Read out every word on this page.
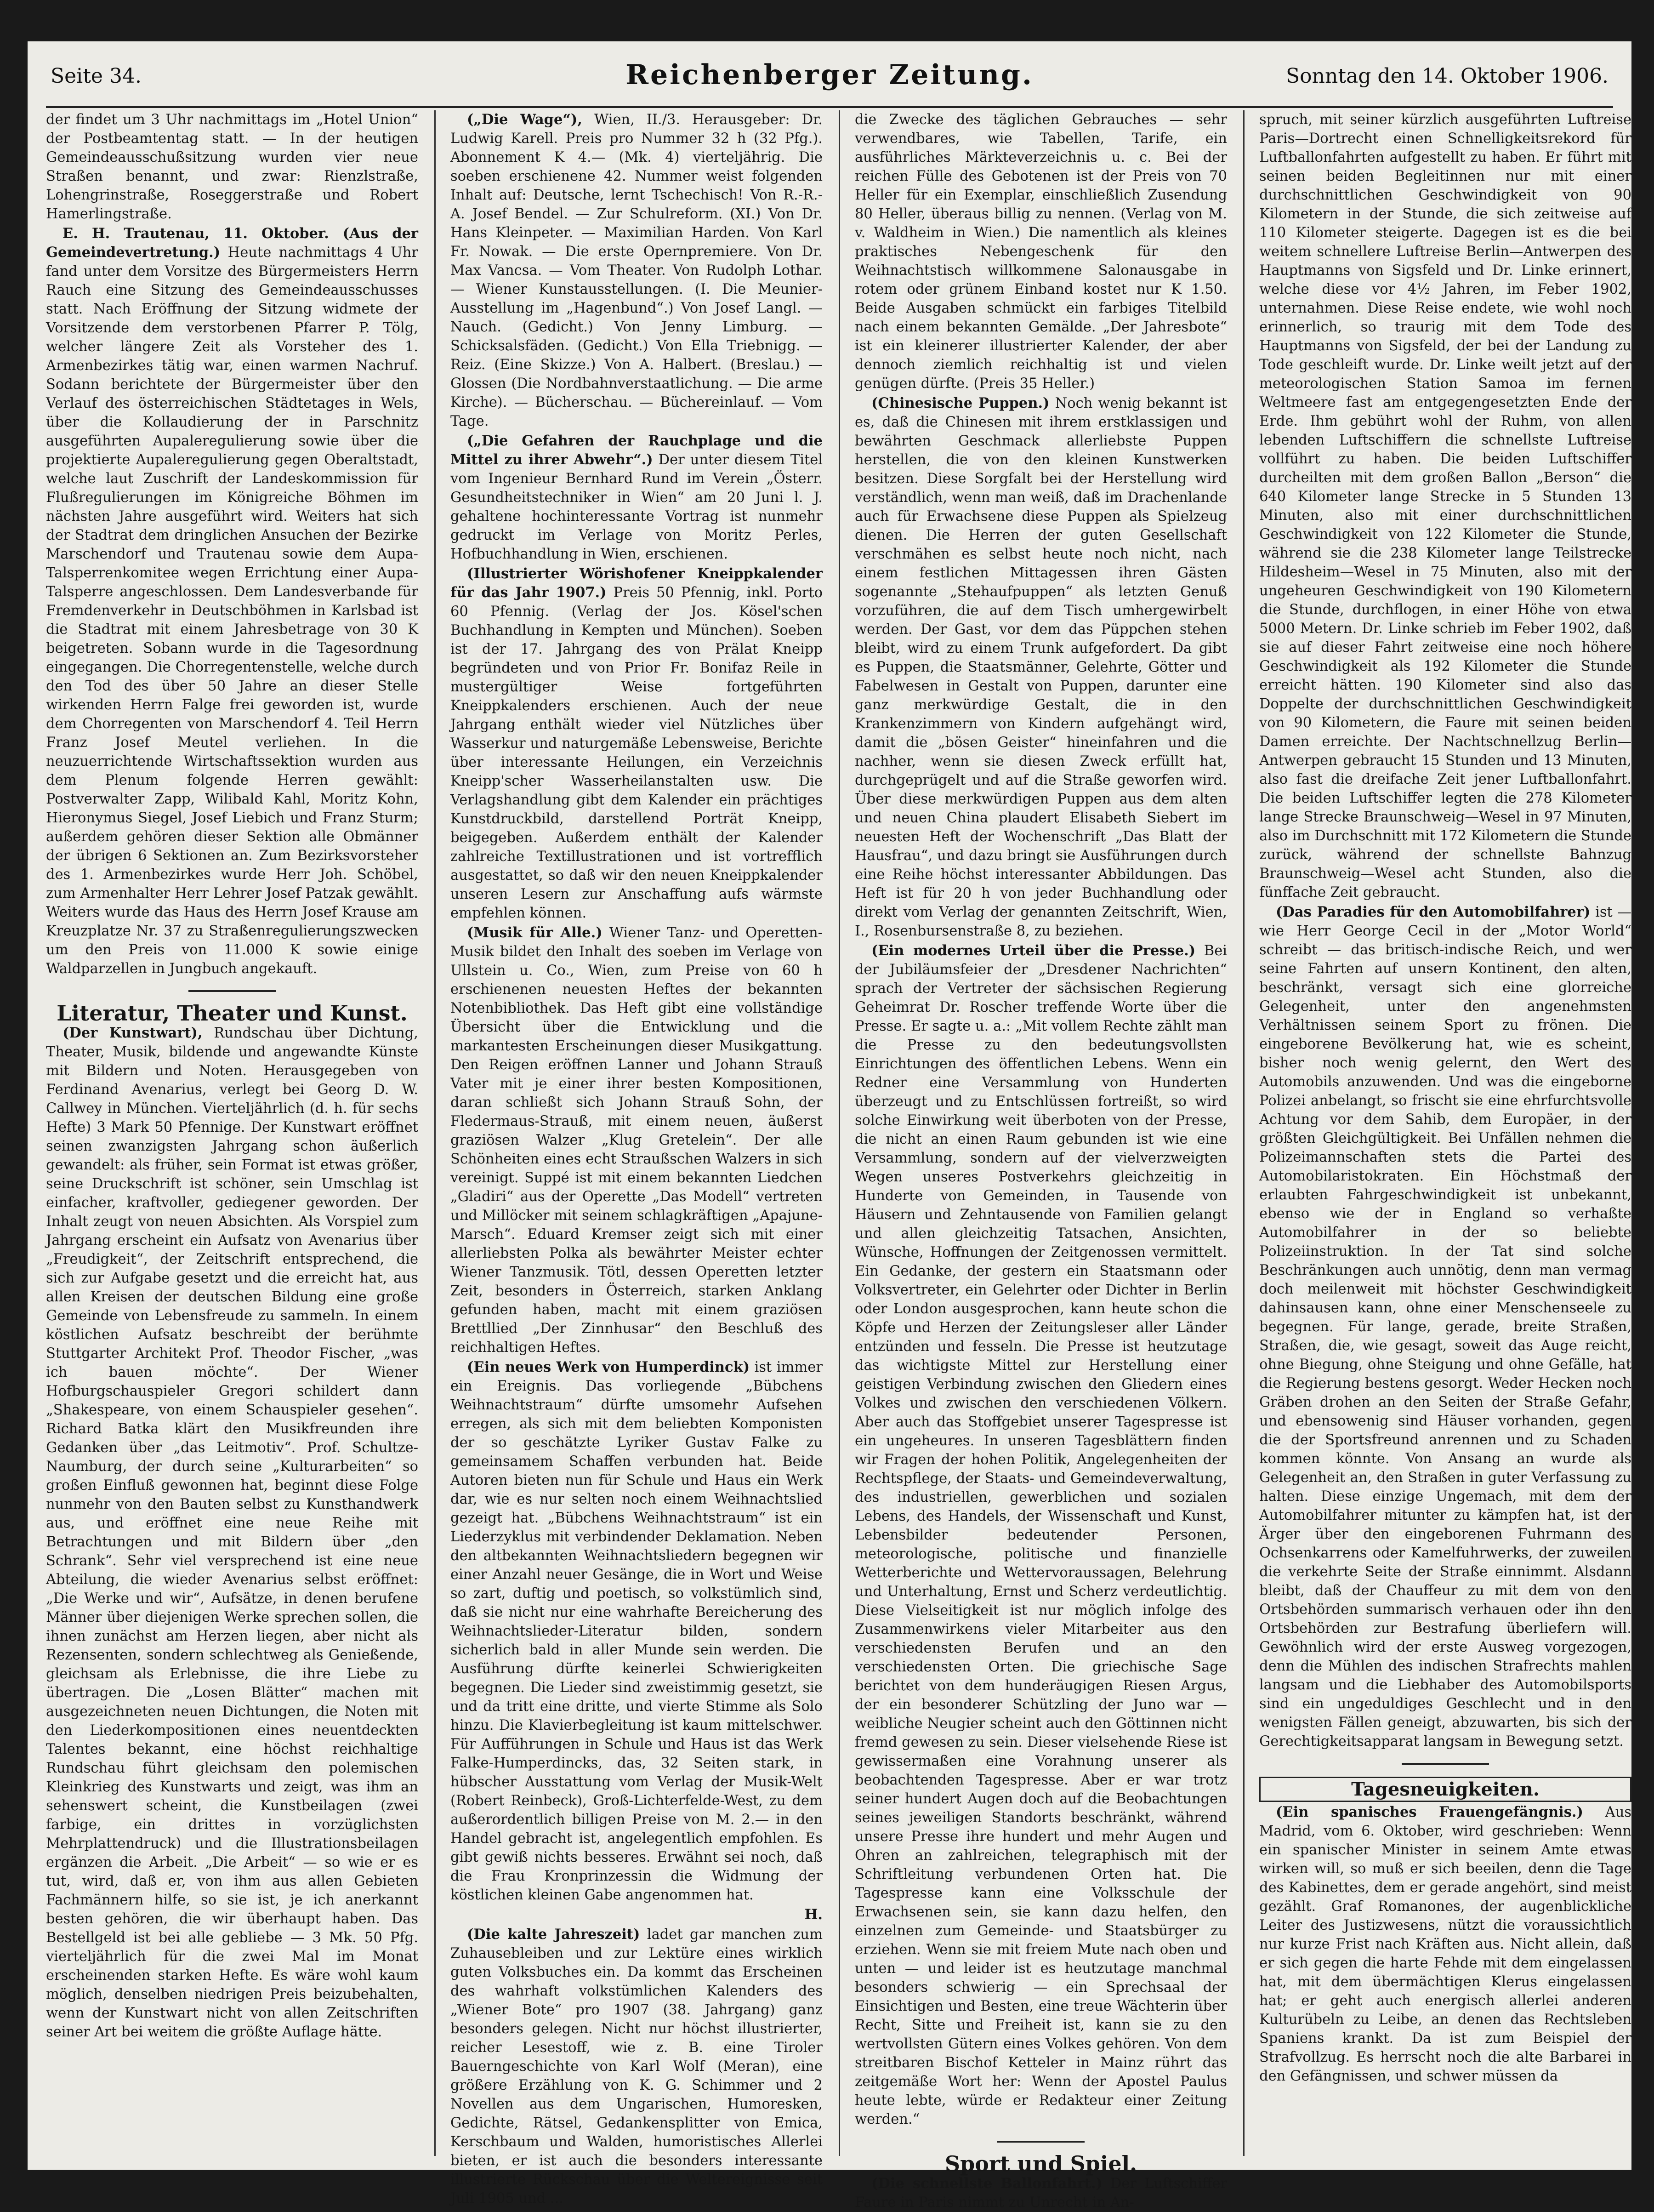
Seite 34.	Reichenberger Zeitung.	Sonntag den 14. Oktober 1906.

der findet um 3 Uhr nachmittags im „Hotel Union“ der Postbeamtentag statt. — In der heutigen Gemeindeausschußsitzung wurden vier neue Straßen benannt, und zwar: Rienzlstraße, Lohengrinstraße, Roseggerstraße und Robert Hamerlingstraße.

E. H. Trautenau, 11. Oktober. (Aus der Gemeindevertretung.) Heute nachmittags 4 Uhr fand unter dem Vorsitze des Bürgermeisters Herrn Rauch eine Sitzung des Gemeindeausschusses statt. Nach Eröffnung der Sitzung widmete der Vorsitzende dem verstorbenen Pfarrer P. Tölg, welcher längere Zeit als Vorsteher des 1. Armenbezirkes tätig war, einen warmen Nachruf. Sodann berichtete der Bürgermeister über den Verlauf des österreichischen Städtetages in Wels, über die Kollaudierung der in Parschnitz ausgeführten Aupaleregulierung sowie über die projektierte Aupaleregulierung gegen Oberaltstadt, welche laut Zuschrift der Landeskommission für Flußregulierungen im Königreiche Böhmen im nächsten Jahre ausgeführt wird. Weiters hat sich der Stadtrat dem dringlichen Ansuchen der Bezirke Marschendorf und Trautenau sowie dem Aupa-Talsperrenkomitee wegen Errichtung einer Aupa-Talsperre angeschlossen. Dem Landesverbande für Fremdenverkehr in Deutschböhmen in Karlsbad ist die Stadtrat mit einem Jahresbetrage von 30 K beigetreten. Sobann wurde in die Tagesordnung eingegangen. Die Chorregentenstelle, welche durch den Tod des über 50 Jahre an dieser Stelle wirkenden Herrn Falge frei geworden ist, wurde dem Chorregenten von Marschendorf 4. Teil Herrn Franz Josef Meutel verliehen. In die neuzuerrichtende Wirtschaftssektion wurden aus dem Plenum folgende Herren gewählt: Postverwalter Zapp, Wilibald Kahl, Moritz Kohn, Hieronymus Siegel, Josef Liebich und Franz Sturm; außerdem gehören dieser Sektion alle Obmänner der übrigen 6 Sektionen an. Zum Bezirksvorsteher des 1. Armenbezirkes wurde Herr Joh. Schöbel, zum Armenhalter Herr Lehrer Josef Patzak gewählt. Weiters wurde das Haus des Herrn Josef Krause am Kreuzplatze Nr. 37 zu Straßenregulierungszwecken um den Preis von 11.000 K sowie einige Waldparzellen in Jungbuch angekauft.

Literatur, Theater und Kunst.

(Der Kunstwart), Rundschau über Dichtung, Theater, Musik, bildende und angewandte Künste mit Bildern und Noten. Herausgegeben von Ferdinand Avenarius, verlegt bei Georg D. W. Callwey in München. Vierteljährlich (d. h. für sechs Hefte) 3 Mark 50 Pfennige. Der Kunstwart eröffnet seinen zwanzigsten Jahrgang schon äußerlich gewandelt: als früher, sein Format ist etwas größer, seine Druckschrift ist schöner, sein Umschlag ist einfacher, kraftvoller, gediegener geworden. Der Inhalt zeugt von neuen Absichten. Als Vorspiel zum Jahrgang erscheint ein Aufsatz von Avenarius über „Freudigkeit“, der Zeitschrift entsprechend, die sich zur Aufgabe gesetzt und die erreicht hat, aus allen Kreisen der deutschen Bildung eine große Gemeinde von Lebensfreude zu sammeln. In einem köstlichen Aufsatz beschreibt der berühmte Stuttgarter Architekt Prof. Theodor Fischer, „was ich bauen möchte“. Der Wiener Hofburgschauspieler Gregori schildert dann „Shakespeare, von einem Schauspieler gesehen“. Richard Batka klärt den Musikfreunden ihre Gedanken über „das Leitmotiv“. Prof. Schultze-Naumburg, der durch seine „Kulturarbeiten“ so großen Einfluß gewonnen hat, beginnt diese Folge nunmehr von den Bauten selbst zu Kunsthandwerk aus, und eröffnet eine neue Reihe mit Betrachtungen und mit Bildern über „den Schrank“. Sehr viel versprechend ist eine neue Abteilung, die wieder Avenarius selbst eröffnet: „Die Werke und wir“, Aufsätze, in denen berufene Männer über diejenigen Werke sprechen sollen, die ihnen zunächst am Herzen liegen, aber nicht als Rezensenten, sondern schlechtweg als Genießende, gleichsam als Erlebnisse, die ihre Liebe zu übertragen. Die „Losen Blätter“ machen mit ausgezeichneten neuen Dichtungen, die Noten mit den Liederkompositionen eines neuentdeckten Talentes bekannt, eine höchst reichhaltige Rundschau führt gleichsam den polemischen Kleinkrieg des Kunstwarts und zeigt, was ihm an sehenswert scheint, die Kunstbeilagen (zwei farbige, ein drittes in vorzüglichsten Mehrplattendruck) und die Illustrationsbeilagen ergänzen die Arbeit. „Die Arbeit“ — so wie er es tut, wird, daß er, von ihm aus allen Gebieten Fachmännern hilfe, so sie ist, je ich anerkannt besten gehören, die wir überhaupt haben. Das Bestellgeld ist bei alle gebliebe — 3 Mk. 50 Pfg. vierteljährlich für die zwei Mal im Monat erscheinenden starken Hefte. Es wäre wohl kaum möglich, denselben niedrigen Preis beizubehalten, wenn der Kunstwart nicht von allen Zeitschriften seiner Art bei weitem die größte Auflage hätte.

(„Die Wage“), Wien, II./3. Herausgeber: Dr. Ludwig Karell. Preis pro Nummer 32 h (32 Pfg.). Abonnement K 4.— (Mk. 4) vierteljährig. Die soeben erschienene 42. Nummer weist folgenden Inhalt auf: Deutsche, lernt Tschechisch! Von R.-R.-A. Josef Bendel. — Zur Schulreform. (XI.) Von Dr. Hans Kleinpeter. — Maximilian Harden. Von Karl Fr. Nowak. — Die erste Opernpremiere. Von Dr. Max Vancsa. — Vom Theater. Von Rudolph Lothar. — Wiener Kunstausstellungen. (I. Die Meunier-Ausstellung im „Hagenbund“.) Von Josef Langl. — Nauch. (Gedicht.) Von Jenny Limburg. — Schicksalsfäden. (Gedicht.) Von Ella Triebnigg. — Reiz. (Eine Skizze.) Von A. Halbert. (Breslau.) — Glossen (Die Nordbahnverstaatlichung. — Die arme Kirche). — Bücherschau. — Büchereinlauf. — Vom Tage.

(„Die Gefahren der Rauchplage und die Mittel zu ihrer Abwehr“.) Der unter diesem Titel vom Ingenieur Bernhard Rund im Verein „Österr. Gesundheitstechniker in Wien“ am 20 Juni l. J. gehaltene hochinteressante Vortrag ist nunmehr gedruckt im Verlage von Moritz Perles, Hofbuchhandlung in Wien, erschienen.

(Illustrierter Wörishofener Kneippkalender für das Jahr 1907.) Preis 50 Pfennig, inkl. Porto 60 Pfennig. (Verlag der Jos. Kösel'schen Buchhandlung in Kempten und München). Soeben ist der 17. Jahrgang des von Prälat Kneipp begründeten und von Prior Fr. Bonifaz Reile in mustergültiger Weise fortgeführten Kneippkalenders erschienen. Auch der neue Jahrgang enthält wieder viel Nützliches über Wasserkur und naturgemäße Lebensweise, Berichte über interessante Heilungen, ein Verzeichnis Kneipp'scher Wasserheilanstalten usw. Die Verlagshandlung gibt dem Kalender ein prächtiges Kunstdruckbild, darstellend Porträt Kneipp, beigegeben. Außerdem enthält der Kalender zahlreiche Textillustrationen und ist vortrefflich ausgestattet, so daß wir den neuen Kneippkalender unseren Lesern zur Anschaffung aufs wärmste empfehlen können.

(Musik für Alle.) Wiener Tanz- und Operetten-Musik bildet den Inhalt des soeben im Verlage von Ullstein u. Co., Wien, zum Preise von 60 h erschienenen neuesten Heftes der bekannten Notenbibliothek. Das Heft gibt eine vollständige Übersicht über die Entwicklung und die markantesten Erscheinungen dieser Musikgattung. Den Reigen eröffnen Lanner und Johann Strauß Vater mit je einer ihrer besten Kompositionen, daran schließt sich Johann Strauß Sohn, der Fledermaus-Strauß, mit einem neuen, äußerst graziösen Walzer „Klug Gretelein“. Der alle Schönheiten eines echt Straußschen Walzers in sich vereinigt. Suppé ist mit einem bekannten Liedchen „Gladiri“ aus der Operette „Das Modell“ vertreten und Millöcker mit seinem schlagkräftigen „Apajune-Marsch“. Eduard Kremser zeigt sich mit einer allerliebsten Polka als bewährter Meister echter Wiener Tanzmusik. Tötl, dessen Operetten letzter Zeit, besonders in Österreich, starken Anklang gefunden haben, macht mit einem graziösen Brettllied „Der Zinnhusar“ den Beschluß des reichhaltigen Heftes.

(Ein neues Werk von Humperdinck) ist immer ein Ereignis. Das vorliegende „Bübchens Weihnachtstraum“ dürfte umsomehr Aufsehen erregen, als sich mit dem beliebten Komponisten der so geschätzte Lyriker Gustav Falke zu gemeinsamem Schaffen verbunden hat. Beide Autoren bieten nun für Schule und Haus ein Werk dar, wie es nur selten noch einem Weihnachtslied gezeigt hat. „Bübchens Weihnachtstraum“ ist ein Liederzyklus mit verbindender Deklamation. Neben den altbekannten Weihnachtsliedern begegnen wir einer Anzahl neuer Gesänge, die in Wort und Weise so zart, duftig und poetisch, so volkstümlich sind, daß sie nicht nur eine wahrhafte Bereicherung des Weihnachtslieder-Literatur bilden, sondern sicherlich bald in aller Munde sein werden. Die Ausführung dürfte keinerlei Schwierigkeiten begegnen. Die Lieder sind zweistimmig gesetzt, sie und da tritt eine dritte, und vierte Stimme als Solo hinzu. Die Klavierbegleitung ist kaum mittelschwer. Für Aufführungen in Schule und Haus ist das Werk Falke-Humperdincks, das, 32 Seiten stark, in hübscher Ausstattung vom Verlag der Musik-Welt (Robert Reinbeck), Groß-Lichterfelde-West, zu dem außerordentlich billigen Preise von M. 2.— in den Handel gebracht ist, angelegentlich empfohlen. Es gibt gewiß nichts besseres. Erwähnt sei noch, daß die Frau Kronprinzessin die Widmung der köstlichen kleinen Gabe angenommen hat.

H.

(Die kalte Jahreszeit) ladet gar manchen zum Zuhausebleiben und zur Lektüre eines wirklich guten Volksbuches ein. Da kommt das Erscheinen des wahrhaft volkstümlichen Kalenders des „Wiener Bote“ pro 1907 (38. Jahrgang) ganz besonders gelegen. Nicht nur höchst illustrierter, reicher Lesestoff, wie z. B. eine Tiroler Bauerngeschichte von Karl Wolf (Meran), eine größere Erzählung von K. G. Schimmer und 2 Novellen aus dem Ungarischen, Humoresken, Gedichte, Rätsel, Gedankensplitter von Emica, Kerschbaum und Walden, humoristisches Allerlei bieten, er ist auch die besonders interessante illustrierte Rückschau über die Weltereignisse seit Juli 1905 und ...

die Zwecke des täglichen Gebrauches — sehr verwendbares, wie Tabellen, Tarife, ein ausführliches Märkteverzeichnis u. c. Bei der reichen Fülle des Gebotenen ist der Preis von 70 Heller für ein Exemplar, einschließlich Zusendung 80 Heller, überaus billig zu nennen. (Verlag von M. v. Waldheim in Wien.) Die namentlich als kleines praktisches Nebengeschenk für den Weihnachtstisch willkommene Salonausgabe in rotem oder grünem Einband kostet nur K 1.50. Beide Ausgaben schmückt ein farbiges Titelbild nach einem bekannten Gemälde. „Der Jahresbote“ ist ein kleinerer illustrierter Kalender, der aber dennoch ziemlich reichhaltig ist und vielen genügen dürfte. (Preis 35 Heller.)

(Chinesische Puppen.) Noch wenig bekannt ist es, daß die Chinesen mit ihrem erstklassigen und bewährten Geschmack allerliebste Puppen herstellen, die von den kleinen Kunstwerken besitzen. Diese Sorgfalt bei der Herstellung wird verständlich, wenn man weiß, daß im Drachenlande auch für Erwachsene diese Puppen als Spielzeug dienen. Die Herren der guten Gesellschaft verschmähen es selbst heute noch nicht, nach einem festlichen Mittagessen ihren Gästen sogenannte „Stehaufpuppen“ als letzten Genuß vorzuführen, die auf dem Tisch umhergewirbelt werden. Der Gast, vor dem das Püppchen stehen bleibt, wird zu einem Trunk aufgefordert. Da gibt es Puppen, die Staatsmänner, Gelehrte, Götter und Fabelwesen in Gestalt von Puppen, darunter eine ganz merkwürdige Gestalt, die in den Krankenzimmern von Kindern aufgehängt wird, damit die „bösen Geister“ hineinfahren und die nachher, wenn sie diesen Zweck erfüllt hat, durchgeprügelt und auf die Straße geworfen wird. Über diese merkwürdigen Puppen aus dem alten und neuen China plaudert Elisabeth Siebert im neuesten Heft der Wochenschrift „Das Blatt der Hausfrau“, und dazu bringt sie Ausführungen durch eine Reihe höchst interessanter Abbildungen. Das Heft ist für 20 h von jeder Buchhandlung oder direkt vom Verlag der genannten Zeitschrift, Wien, I., Rosenbursenstraße 8, zu beziehen.

(Ein modernes Urteil über die Presse.) Bei der Jubiläumsfeier der „Dresdener Nachrichten“ sprach der Vertreter der sächsischen Regierung Geheimrat Dr. Roscher treffende Worte über die Presse. Er sagte u. a.: „Mit vollem Rechte zählt man die Presse zu den bedeutungsvollsten Einrichtungen des öffentlichen Lebens. Wenn ein Redner eine Versammlung von Hunderten überzeugt und zu Entschlüssen fortreißt, so wird solche Einwirkung weit überboten von der Presse, die nicht an einen Raum gebunden ist wie eine Versammlung, sondern auf der vielverzweigten Wegen unseres Postverkehrs gleichzeitig in Hunderte von Gemeinden, in Tausende von Häusern und Zehntausende von Familien gelangt und allen gleichzeitig Tatsachen, Ansichten, Wünsche, Hoffnungen der Zeitgenossen vermittelt. Ein Gedanke, der gestern ein Staatsmann oder Volksvertreter, ein Gelehrter oder Dichter in Berlin oder London ausgesprochen, kann heute schon die Köpfe und Herzen der Zeitungsleser aller Länder entzünden und fesseln. Die Presse ist heutzutage das wichtigste Mittel zur Herstellung einer geistigen Verbindung zwischen den Gliedern eines Volkes und zwischen den verschiedenen Völkern. Aber auch das Stoffgebiet unserer Tagespresse ist ein ungeheures. In unseren Tagesblättern finden wir Fragen der hohen Politik, Angelegenheiten der Rechtspflege, der Staats- und Gemeindeverwaltung, des industriellen, gewerblichen und sozialen Lebens, des Handels, der Wissenschaft und Kunst, Lebensbilder bedeutender Personen, meteorologische, politische und finanzielle Wetterberichte und Wettervoraussagen, Belehrung und Unterhaltung, Ernst und Scherz verdeutlichtig. Diese Vielseitigkeit ist nur möglich infolge des Zusammenwirkens vieler Mitarbeiter aus den verschiedensten Berufen und an den verschiedensten Orten. Die griechische Sage berichtet von dem hunderäugigen Riesen Argus, der ein besonderer Schützling der Juno war — weibliche Neugier scheint auch den Göttinnen nicht fremd gewesen zu sein. Dieser vielsehende Riese ist gewissermaßen eine Vorahnung unserer als beobachtenden Tagespresse. Aber er war trotz seiner hundert Augen doch auf die Beobachtungen seines jeweiligen Standorts beschränkt, während unsere Presse ihre hundert und mehr Augen und Ohren an zahlreichen, telegraphisch mit der Schriftleitung verbundenen Orten hat. Die Tagespresse kann eine Volksschule der Erwachsenen sein, sie kann dazu helfen, den einzelnen zum Gemeinde- und Staatsbürger zu erziehen. Wenn sie mit freiem Mute nach oben und unten — und leider ist es heutzutage manchmal besonders schwierig — ein Sprechsaal der Einsichtigen und Besten, eine treue Wächterin über Recht, Sitte und Freiheit ist, kann sie zu den wertvollsten Gütern eines Volkes gehören. Von dem streitbaren Bischof Ketteler in Mainz rührt das zeitgemäße Wort her: Wenn der Apostel Paulus heute lebte, würde er Redakteur einer Zeitung werden.“

Sport und Spiel.

(Die schnellste Ballonfahrt.) Der Luftschiffer Faure in Paris nimmt zu Unrecht in An-

spruch, mit seiner kürzlich ausgeführten Luftreise Paris—Dortrecht einen Schnelligkeitsrekord für Luftballonfahrten aufgestellt zu haben. Er führt mit seinen beiden Begleitinnen nur mit einer durchschnittlichen Geschwindigkeit von 90 Kilometern in der Stunde, die sich zeitweise auf 110 Kilometer steigerte. Dagegen ist es die bei weitem schnellere Luftreise Berlin—Antwerpen des Hauptmanns von Sigsfeld und Dr. Linke erinnert, welche diese vor 4½ Jahren, im Feber 1902, unternahmen. Diese Reise endete, wie wohl noch erinnerlich, so traurig mit dem Tode des Hauptmanns von Sigsfeld, der bei der Landung zu Tode geschleift wurde. Dr. Linke weilt jetzt auf der meteorologischen Station Samoa im fernen Weltmeere fast am entgegengesetzten Ende der Erde. Ihm gebührt wohl der Ruhm, von allen lebenden Luftschiffern die schnellste Luftreise vollführt zu haben. Die beiden Luftschiffer durcheilten mit dem großen Ballon „Berson“ die 640 Kilometer lange Strecke in 5 Stunden 13 Minuten, also mit einer durchschnittlichen Geschwindigkeit von 122 Kilometer die Stunde, während sie die 238 Kilometer lange Teilstrecke Hildesheim—Wesel in 75 Minuten, also mit der ungeheuren Geschwindigkeit von 190 Kilometern die Stunde, durchflogen, in einer Höhe von etwa 5000 Metern. Dr. Linke schrieb im Feber 1902, daß sie auf dieser Fahrt zeitweise eine noch höhere Geschwindigkeit als 192 Kilometer die Stunde erreicht hätten. 190 Kilometer sind also das Doppelte der durchschnittlichen Geschwindigkeit von 90 Kilometern, die Faure mit seinen beiden Damen erreichte. Der Nachtschnellzug Berlin—Antwerpen gebraucht 15 Stunden und 13 Minuten, also fast die dreifache Zeit jener Luftballonfahrt. Die beiden Luftschiffer legten die 278 Kilometer lange Strecke Braunschweig—Wesel in 97 Minuten, also im Durchschnitt mit 172 Kilometern die Stunde zurück, während der schnellste Bahnzug Braunschweig—Wesel acht Stunden, also die fünffache Zeit gebraucht.

(Das Paradies für den Automobilfahrer) ist — wie Herr George Cecil in der „Motor World“ schreibt — das britisch-indische Reich, und wer seine Fahrten auf unsern Kontinent, den alten, beschränkt, versagt sich eine glorreiche Gelegenheit, unter den angenehmsten Verhältnissen seinem Sport zu frönen. Die eingeborene Bevölkerung hat, wie es scheint, bisher noch wenig gelernt, den Wert des Automobils anzuwenden. Und was die eingeborne Polizei anbelangt, so frischt sie eine ehrfurchtsvolle Achtung vor dem Sahib, dem Europäer, in der größten Gleichgültigkeit. Bei Unfällen nehmen die Polizeimannschaften stets die Partei des Automobilaristokraten. Ein Höchstmaß der erlaubten Fahrgeschwindigkeit ist unbekannt, ebenso wie der in England so verhaßte Automobilfahrer in der so beliebte Polizeiinstruktion. In der Tat sind solche Beschränkungen auch unnötig, denn man vermag doch meilenweit mit höchster Geschwindigkeit dahinsausen kann, ohne einer Menschenseele zu begegnen. Für lange, gerade, breite Straßen, Straßen, die, wie gesagt, soweit das Auge reicht, ohne Biegung, ohne Steigung und ohne Gefälle, hat die Regierung bestens gesorgt. Weder Hecken noch Gräben drohen an den Seiten der Straße Gefahr, und ebensowenig sind Häuser vorhanden, gegen die der Sportsfreund anrennen und zu Schaden kommen könnte. Von Ansang an wurde als Gelegenheit an, den Straßen in guter Verfassung zu halten. Diese einzige Ungemach, mit dem der Automobilfahrer mitunter zu kämpfen hat, ist der Ärger über den eingeborenen Fuhrmann des Ochsenkarrens oder Kamelfuhrwerks, der zuweilen die verkehrte Seite der Straße einnimmt. Alsdann bleibt, daß der Chauffeur zu mit dem von den Ortsbehörden summarisch verhauen oder ihn den Ortsbehörden zur Bestrafung überliefern will. Gewöhnlich wird der erste Ausweg vorgezogen, denn die Mühlen des indischen Strafrechts mahlen langsam und die Liebhaber des Automobilsports sind ein ungeduldiges Geschlecht und in den wenigsten Fällen geneigt, abzuwarten, bis sich der Gerechtigkeitsapparat langsam in Bewegung setzt.

Tagesneuigkeiten.

(Ein spanisches Frauengefängnis.) Aus Madrid, vom 6. Oktober, wird geschrieben: Wenn ein spanischer Minister in seinem Amte etwas wirken will, so muß er sich beeilen, denn die Tage des Kabinettes, dem er gerade angehört, sind meist gezählt. Graf Romanones, der augenblickliche Leiter des Justizwesens, nützt die voraussichtlich nur kurze Frist nach Kräften aus. Nicht allein, daß er sich gegen die harte Fehde mit dem eingelassen hat, mit dem übermächtigen Klerus eingelassen hat; er geht auch energisch allerlei anderen Kulturübeln zu Leibe, an denen das Rechtsleben Spaniens krankt. Da ist zum Beispiel der Strafvollzug. Es herrscht noch die alte Barbarei in den Gefängnissen, und schwer müssen da
